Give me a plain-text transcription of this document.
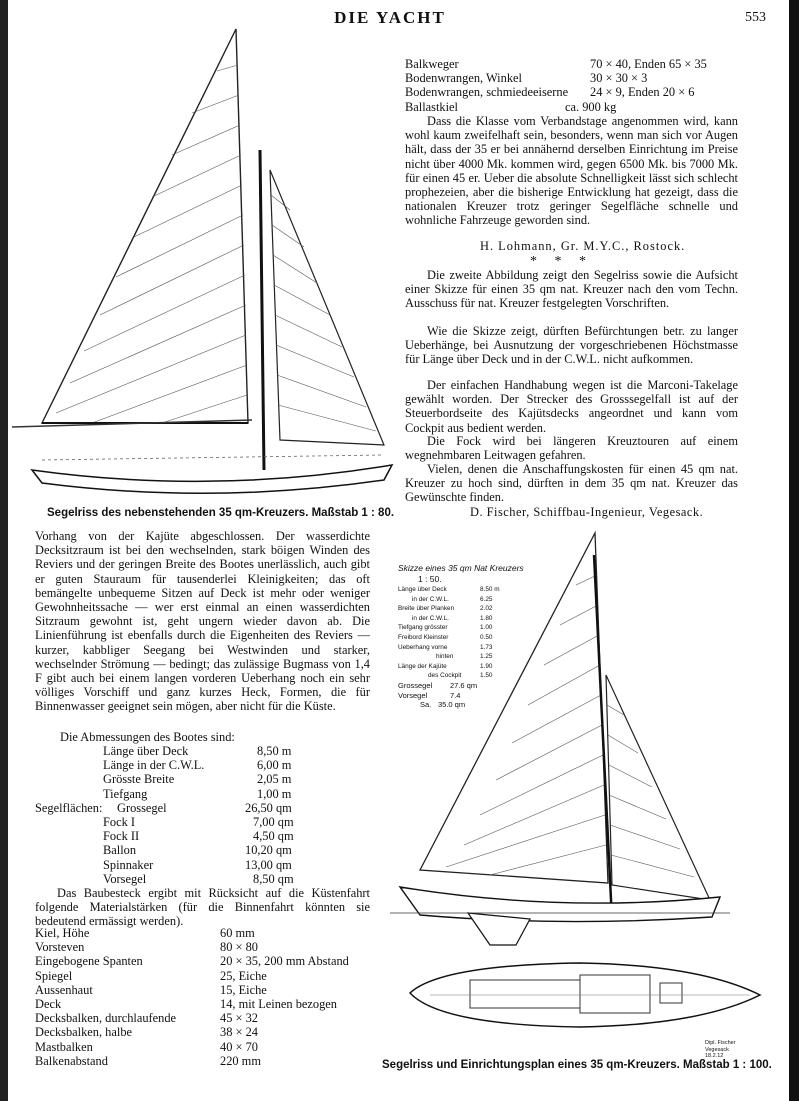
DIE YACHT	553
Segelriss des nebenstehenden 35 qm-Kreuzers. Maßstab 1 : 80.
Balkweger	70 × 40, Enden 65 × 35
Bodenwrangen, Winkel	30 × 30 × 3
Bodenwrangen, schmiedeeiserne 24 × 9, Enden 20 × 6
Ballastkiel	ca. 900 kg
Dass die Klasse vom Verbandstage angenommen wird, kann wohl kaum zweifelhaft sein, besonders, wenn man sich vor Augen hält, dass der 35 er bei annähernd derselben Einrichtung im Preise nicht über 4000 Mk. kommen wird, gegen 6500 Mk. bis 7000 Mk. für einen 45 er. Ueber die absolute Schnelligkeit lässt sich schlecht prophezeien, aber die bisherige Entwicklung hat gezeigt, dass die nationalen Kreuzer trotz geringer Segelfläche schnelle und wohnliche Fahrzeuge geworden sind.
H. Lohmann, Gr. M.Y.C., Rostock.
*     *     *
Die zweite Abbildung zeigt den Segelriss sowie die Aufsicht einer Skizze für einen 35 qm nat. Kreuzer nach den vom Techn. Ausschuss für nat. Kreuzer festgelegten Vorschriften.
Wie die Skizze zeigt, dürften Befürchtungen betr. zu langer Ueberhänge, bei Ausnutzung der vorgeschriebenen Höchstmasse für Länge über Deck und in der C.W.L. nicht aufkommen.
Der einfachen Handhabung wegen ist die Marconi-Takelage gewählt worden. Der Strecker des Grosssegelfall ist auf der Steuerbordseite des Kajütsdecks angeordnet und kann vom Cockpit aus bedient werden.
Die Fock wird bei längeren Kreuztouren auf einem wegnehmbaren Leitwagen gefahren.
Vielen, denen die Anschaffungskosten für einen 45 qm nat. Kreuzer zu hoch sind, dürften in dem 35 qm nat. Kreuzer das Gewünschte finden.
D. Fischer, Schiffbau-Ingenieur, Vegesack.
Vorhang von der Kajüte abgeschlossen. Der wasserdichte Decksitzraum ist bei den wechselnden, stark böigen Winden des Reviers und der geringen Breite des Bootes unerlässlich, auch gibt er guten Stauraum für tausenderlei Kleinigkeiten; das oft bemängelte unbequeme Sitzen auf Deck ist mehr oder weniger Gewohnheitssache — wer erst einmal an einen wasserdichten Sitzraum gewohnt ist, geht ungern wieder davon ab. Die Linienführung ist ebenfalls durch die Eigenheiten des Reviers — kurzer, kabbliger Seegang bei Westwinden und starker, wechselnder Strömung — bedingt; das zulässige Bugmass von 1,4 F gibt auch bei einem langen vorderen Ueberhang noch ein sehr völliges Vorschiff und ganz kurzes Heck, Formen, die für Binnenwasser geeignet sein mögen, aber nicht für die Küste.
Die Abmessungen des Bootes sind:
Länge über Deck	8,50 m
Länge in der C.W.L.	6,00 m
Grösste Breite	2,05 m
Tiefgang	1,00 m
Segelflächen: Grossegel	26,50 qm
Fock I	7,00 qm
Fock II	4,50 qm
Ballon	10,20 qm
Spinnaker	13,00 qm
Vorsegel	8,50 qm
Das Baubesteck ergibt mit Rücksicht auf die Küstenfahrt folgende Materialstärken (für die Binnenfahrt könnten sie bedeutend ermässigt werden).
Kiel, Höhe	60 mm
Vorsteven	80 × 80
Eingebogene Spanten	20 × 35, 200 mm Abstand
Spiegel	25, Eiche
Aussenhaut	15, Eiche
Deck	14, mit Leinen bezogen
Decksbalken, durchlaufende	45 × 32
Decksbalken, halbe	38 × 24
Mastbalken	40 × 70
Balkenabstand	220 mm
Skizze eines 35 qm Nat Kreuzers
1 : 50.
Länge über Deck	8.50 m
in der C.W.L.	6.25
Breite über Planken	2.02
in der C.W.L.	1.80
Tiefgang grösster	1.00
Freibord Kleinster	0.50
Ueberhang vorne	1.73
hinten	1.25
Länge der Kajüte	1.90
des Cockpit	1.50
Grossegel 27.6 qm
Vorsegel	7.4
Sa. 35.0 qm
Dipl. Fischer Vegesack 18.2.12
Segelriss und Einrichtungsplan eines 35 qm-Kreuzers. Maßstab 1 : 100.
